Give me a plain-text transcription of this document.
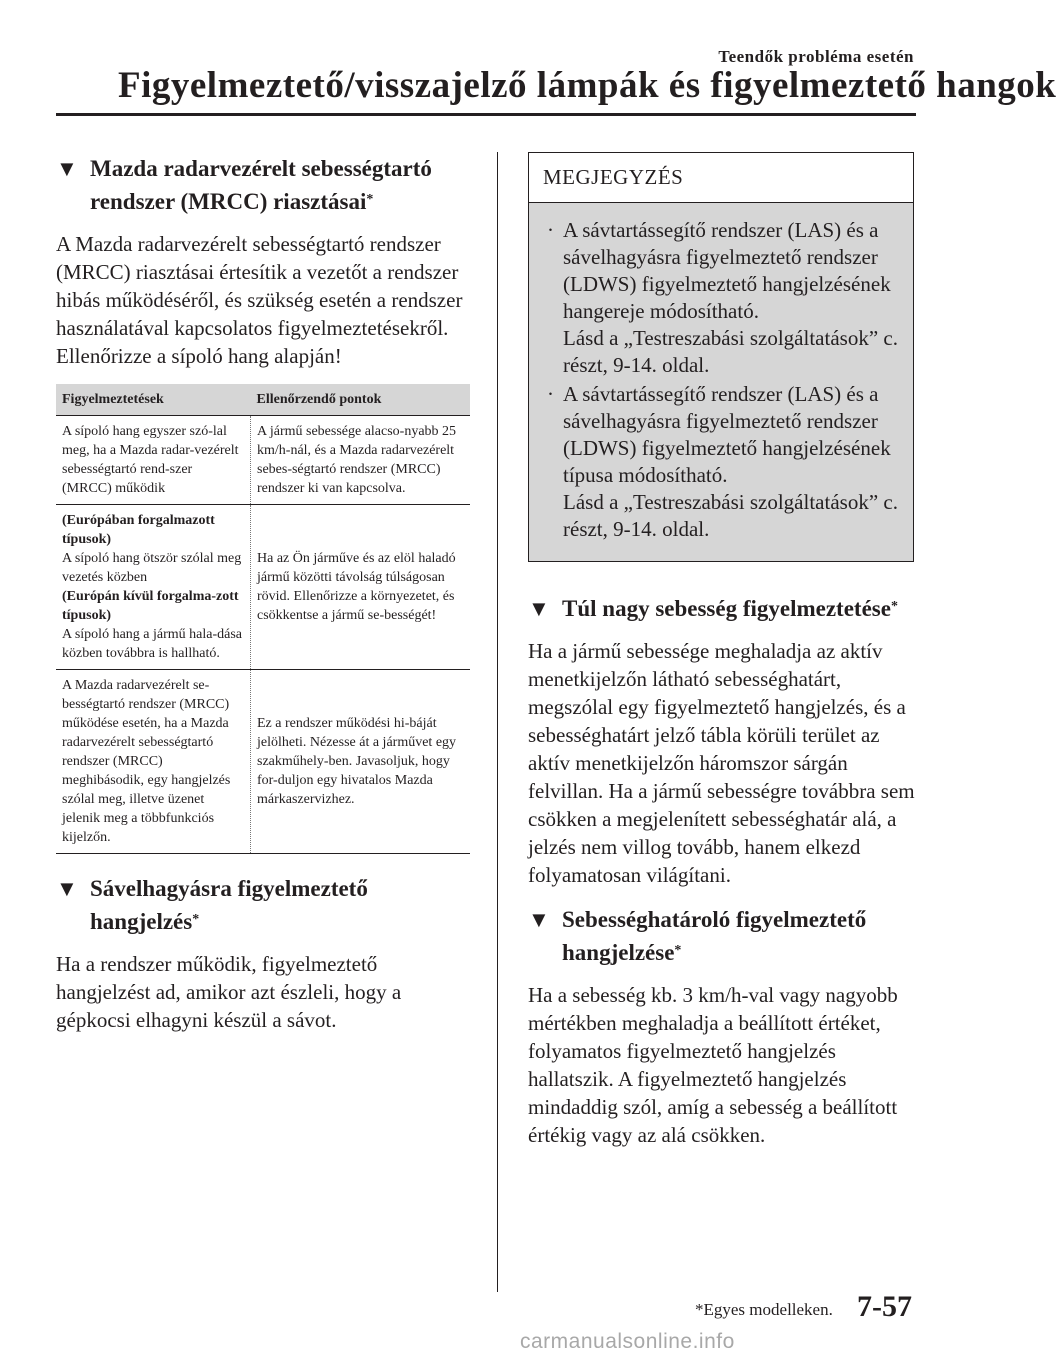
Teendők probléma esetén
Figyelmeztető/visszajelző lámpák és figyelmeztető hangok
▼ Mazda radarvezérelt sebességtartó rendszer (MRCC) riasztásai*

A Mazda radarvezérelt sebességtartó rendszer (MRCC) riasztásai értesítik a vezetőt a rendszer hibás működéséről, és szükség esetén a rendszer használatával kapcsolatos figyelmeztetésekről. Ellenőrizze a sípoló hang alapján!

Figyelmeztetések	Ellenőrzendő pontok
A sípoló hang egyszer szó-lal meg, ha a Mazda radar-vezérelt sebességtartó rend-szer (MRCC) működik	A jármű sebessége alacso-nyabb 25 km/h-nál, és a Mazda radarvezérelt sebes-ségtartó rendszer (MRCC) rendszer ki van kapcsolva.

(Európában forgalmazott típusok)
A sípoló hang ötször szólal meg vezetés közben
(Európán kívül forgalma-zott típusok)
A sípoló hang a jármű hala-dása közben továbbra is hallható.	Ha az Ön járműve és az elöl haladó jármű közötti távolság túlságosan rövid. Ellenőrizze a környezetet, és csökkentse a jármű se-bességét!
A Mazda radarvezérelt se-bességtartó rendszer (MRCC) működése esetén, ha a Mazda radarvezérelt sebességtartó rendszer (MRCC) meghibásodik, egy hangjelzés szólal meg, illetve üzenet jelenik meg a többfunkciós kijelzőn.	Ez a rendszer működési hi-báját jelölheti. Nézesse át a járművet egy szakműhely-ben. Javasoljuk, hogy for-duljon egy hivatalos Mazda márkaszervizhez.
▼ Sávelhagyásra figyelmeztető hangjelzés*

Ha a rendszer működik, figyelmeztető hangjelzést ad, amikor azt észleli, hogy a gépkocsi elhagyni készül a sávot.

MEGJEGYZÉS
· A sávtartássegítő rendszer (LAS) és a sávelhagyásra figyelmeztető rendszer (LDWS) figyelmeztető hangjelzésének hangereje módosítható.
Lásd a „Testreszabási szolgáltatások” c. részt, 9-14. oldal.
· A sávtartássegítő rendszer (LAS) és a sávelhagyásra figyelmeztető rendszer (LDWS) figyelmeztető hangjelzésének típusa módosítható.
Lásd a „Testreszabási szolgáltatások” c. részt, 9-14. oldal.
▼ Túl nagy sebesség figyelmeztetése*

Ha a jármű sebessége meghaladja az aktív menetkijelzőn látható sebességhatárt, megszólal egy figyelmeztető hangjelzés, és a sebességhatárt jelző tábla körüli terület az aktív menetkijelzőn háromszor sárgán felvillan. Ha a jármű sebességre továbbra sem csökken a megjelenített sebességhatár alá, a jelzés nem villog tovább, hanem elkezd folyamatosan világítani.

▼ Sebességhatároló figyelmeztető hangjelzése*

Ha a sebesség kb. 3 km/h-val vagy nagyobb mértékben meghaladja a beállított értéket, folyamatos figyelmeztető hangjelzés hallatszik. A figyelmeztető hangjelzés mindaddig szól, amíg a sebesség a beállított értékig vagy az alá csökken.

*Egyes modelleken. 7-57
carmanualsonline.info
